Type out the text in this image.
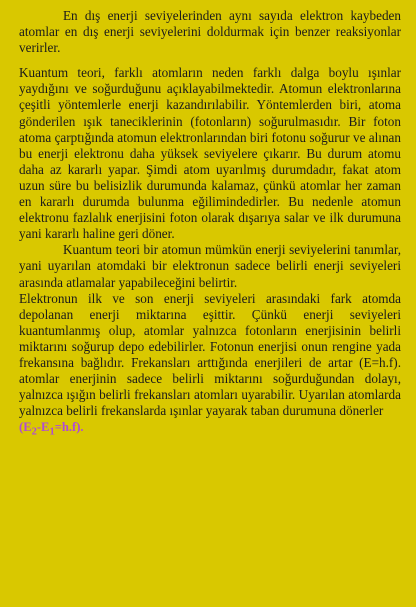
En dış enerji seviyelerinden aynı sayıda elektron kaybeden atomlar en dış enerji seviyelerini doldurmak için benzer reaksiyonlar verirler.

Kuantum teori, farklı atomların neden farklı dalga boylu ışınlar yaydığını ve soğurduğunu açıklayabilmektedir. Atomun elektronlarına çeşitli yöntemlerle enerji kazandırılabilir. Yöntemlerden biri, atoma gönderilen ışık taneciklerinin (fotonların) soğurulmasıdır. Bir foton atoma çarptığında atomun elektronlarından biri fotonu soğurur ve alınan bu enerji elektronu daha yüksek seviyelere çıkarır. Bu durum atomu daha az kararlı yapar. Şimdi atom uyarılmış durumdadır, fakat atom uzun süre bu belisizlik durumunda kalamaz, çünkü atomlar her zaman en kararlı durumda bulunma eğilimindedirler. Bu nedenle atomun elektronu fazlalık enerjisini foton olarak dışarıya salar ve ilk durumuna yani kararlı haline geri döner.

Kuantum teori bir atomun mümkün enerji seviyelerini tanımlar, yani uyarılan atomdaki bir elektronun sadece belirli enerji seviyeleri arasında atlamalar yapabileceğini belirtir.

Elektronun ilk ve son enerji seviyeleri arasındaki fark atomda depolanan enerji miktarına eşittir. Çünkü enerji seviyeleri kuantumlanmış olup, atomlar yalnızca fotonların enerjisinin belirli miktarını soğurup depo edebilirler. Fotonun enerjisi onun rengine yada frekansına bağlıdır. Frekansları arttığında enerjileri de artar (E=h.f). atomlar enerjinin sadece belirli miktarını soğurduğundan dolayı, yalnızca ışığın belirli frekansları atomları uyarabilir. Uyarılan atomlarda yalnızca belirli frekanslarda ışınlar yayarak taban durumuna dönerler

$(E_2-E_1=h.f)$.
